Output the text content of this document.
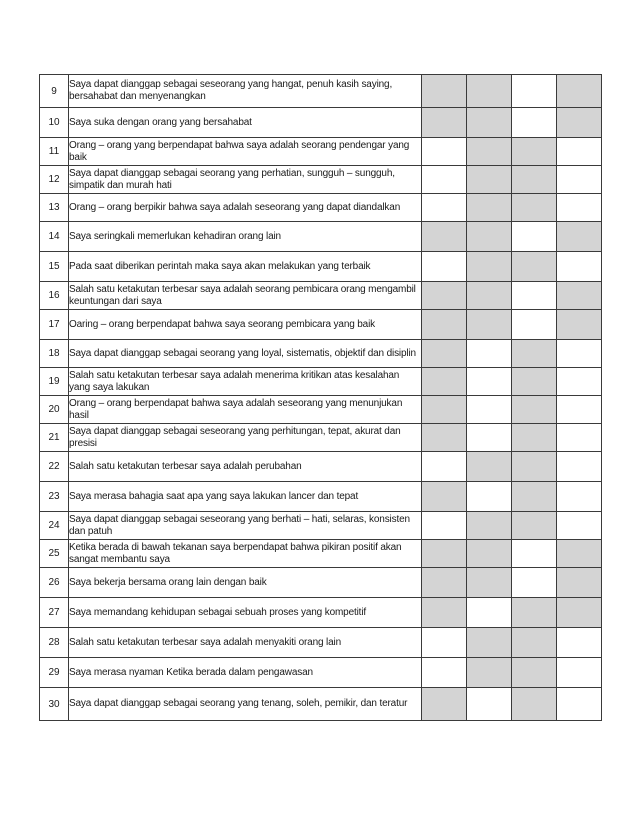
9	Saya dapat dianggap sebagai seseorang yang hangat, penuh kasih saying, bersahabat dan menyenangkan				
10	Saya suka dengan orang yang bersahabat				
11	Orang – orang yang berpendapat bahwa saya adalah seorang pendengar yang baik				
12	Saya dapat dianggap sebagai seorang yang perhatian, sungguh – sungguh, simpatik dan murah hati				
13	Orang – orang berpikir bahwa saya adalah seseorang yang dapat diandalkan				
14	Saya seringkali memerlukan kehadiran orang lain				
15	Pada saat diberikan perintah maka saya akan melakukan yang terbaik				
16	Salah satu ketakutan terbesar saya adalah seorang pembicara orang mengambil keuntungan dari saya				
17	Oaring – orang berpendapat bahwa saya seorang pembicara yang baik				
18	Saya dapat dianggap sebagai seorang yang loyal, sistematis, objektif dan disiplin				
19	Salah satu ketakutan terbesar saya adalah menerima kritikan atas kesalahan yang saya lakukan				
20	Orang – orang berpendapat bahwa saya adalah seseorang yang menunjukan hasil				
21	Saya dapat dianggap sebagai seseorang yang perhitungan, tepat, akurat dan presisi				
22	Salah satu ketakutan terbesar saya adalah perubahan				
23	Saya merasa bahagia saat apa yang saya lakukan lancer dan tepat				
24	Saya dapat dianggap sebagai seseorang yang berhati – hati, selaras, konsisten dan patuh				
25	Ketika berada di bawah tekanan saya berpendapat bahwa pikiran positif akan sangat membantu saya				
26	Saya bekerja bersama orang lain dengan baik				
27	Saya memandang kehidupan sebagai sebuah proses yang kompetitif				
28	Salah satu ketakutan terbesar saya adalah menyakiti orang lain				
29	Saya merasa nyaman Ketika berada dalam pengawasan				
30	Saya dapat dianggap sebagai seorang yang tenang, soleh, pemikir, dan teratur				
